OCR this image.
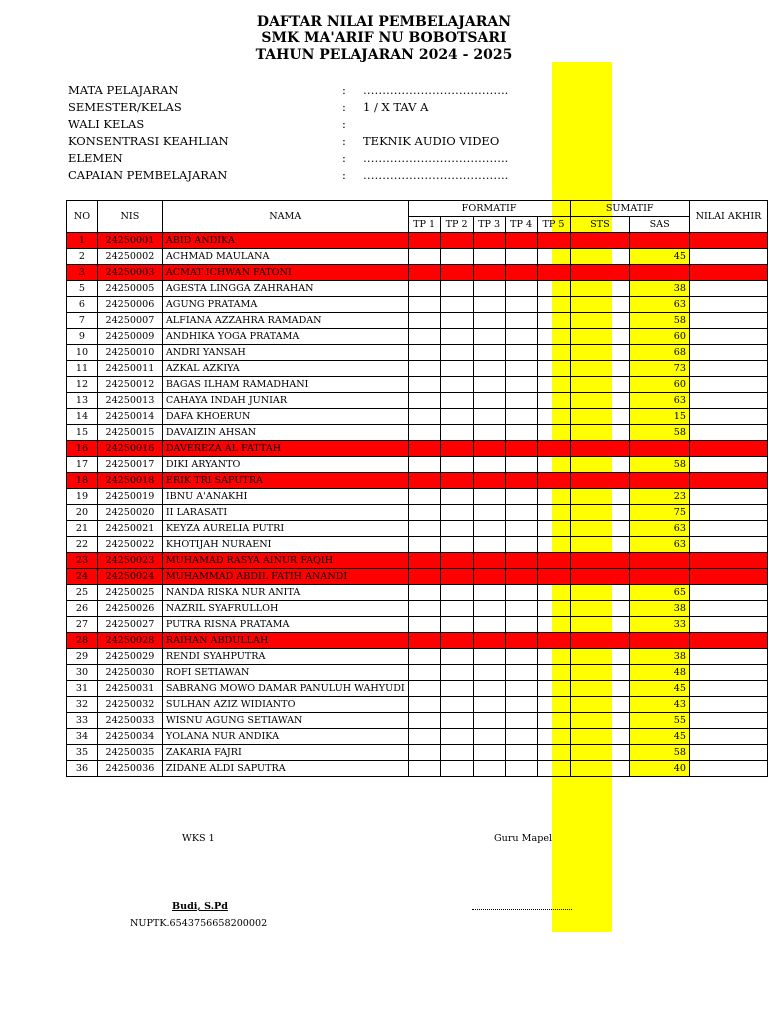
DAFTAR NILAI PEMBELAJARAN
SMK MA'ARIF NU BOBOTSARI
TAHUN PELAJARAN 2024 - 2025
MATA PELAJARAN	: ………………………………..
SEMESTER/KELAS	: 1 / X TAV A
WALI KELAS	:
KONSENTRASI KEAHLIAN	: TEKNIK AUDIO VIDEO
ELEMEN	: ………………………………..
CAPAIAN PEMBELAJARAN	: ………………………………..
NO	NIS	NAMA	FORMATIF					SUMATIF		NILAI AKHIR
			TP 1	TP 2	TP 3	TP 4	TP 5	STS	SAS	
1	24250001	ABID ANDIKA								
2	24250002	ACHMAD MAULANA							45	
3	24250003	ACMAT ICHWAN FATONI								
5	24250005	AGESTA LINGGA ZAHRAHAN							38	
6	24250006	AGUNG PRATAMA							63	
7	24250007	ALFIANA AZZAHRA RAMADAN							58	
9	24250009	ANDHIKA YOGA PRATAMA							60	
10	24250010	ANDRI YANSAH							68	
11	24250011	AZKAL AZKIYA							73	
12	24250012	BAGAS ILHAM RAMADHANI							60	
13	24250013	CAHAYA INDAH JUNIAR							63	
14	24250014	DAFA KHOERUN							15	
15	24250015	DAVAIZIN AHSAN							58	
16	24250016	DAVEREZA AL FATTAH								
17	24250017	DIKI ARYANTO							58	
18	24250018	ERIK TRI SAPUTRA								
19	24250019	IBNU A'ANAKHI							23	
20	24250020	II LARASATI							75	
21	24250021	KEYZA AURELIA PUTRI							63	
22	24250022	KHOTIJAH NURAENI							63	
23	24250023	MUHAMAD RASYA AINUR FAQIH								
24	24250024	MUHAMMAD ABDIL FATIH ANANDI								
25	24250025	NANDA RISKA NUR ANITA							65	
26	24250026	NAZRIL SYAFRULLOH							38	
27	24250027	PUTRA RISNA PRATAMA							33	
28	24250028	RAIHAN ABDULLAH								
29	24250029	RENDI SYAHPUTRA							38	
30	24250030	ROFI SETIAWAN							48	
31	24250031	SABRANG MOWO DAMAR PANULUH WAHYUDI							45	
32	24250032	SULHAN AZIZ WIDIANTO							43	
33	24250033	WISNU AGUNG SETIAWAN							55	
34	24250034	YOLANA NUR ANDIKA							45	
35	24250035	ZAKARIA FAJRI							58	
36	24250036	ZIDANE ALDI SAPUTRA							40	
WKS 1	Guru Mapel
Budi, S.Pd
NUPTK.6543756658200002
